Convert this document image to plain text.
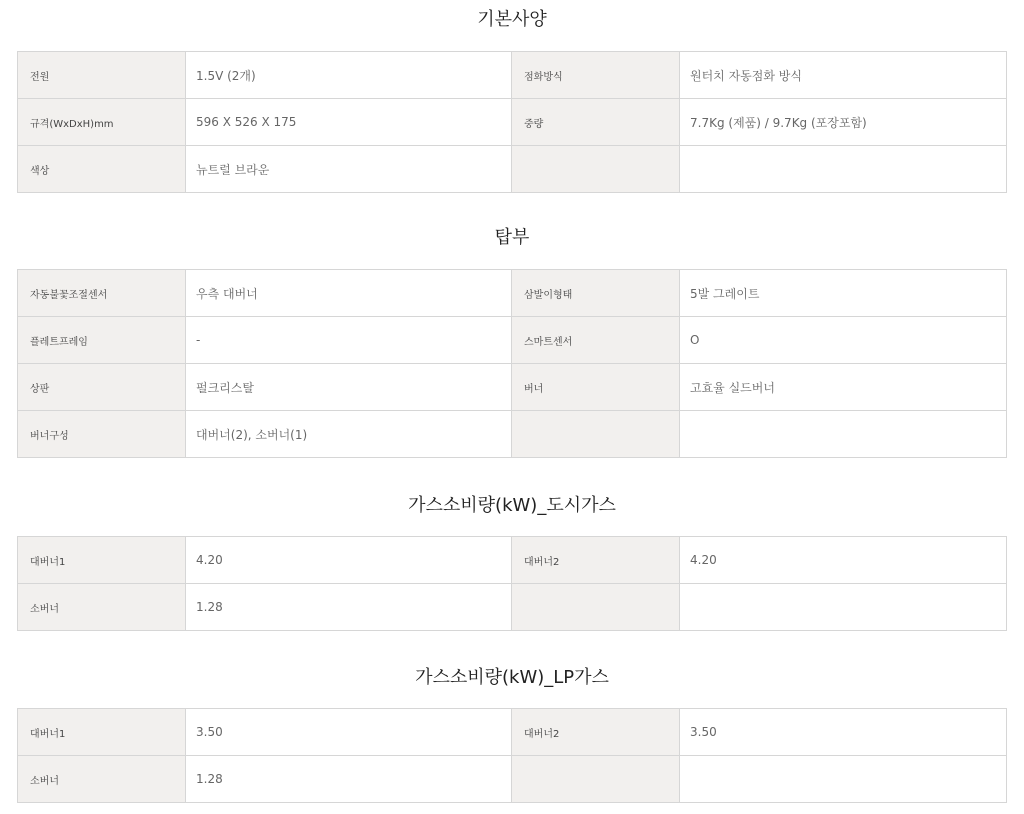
기본사양
전원	1.5V (2개)	점화방식	원터치 자동점화 방식
규격(WxDxH)mm	596 X 526 X 175	중량	7.7Kg (제품) / 9.7Kg (포장포함)
색상	뉴트럴 브라운		
탑부
자동불꽃조절센서	우측 대버너	삼발이형태	5발 그레이트
플레트프레임	-	스마트센서	O
상판	펄크리스탈	버너	고효율 실드버너
버너구성	대버너(2), 소버너(1)		
가스소비량(kW)_도시가스
대버너1	4.20	대버너2	4.20
소버너	1.28		
가스소비량(kW)_LP가스
대버너1	3.50	대버너2	3.50
소버너	1.28		
